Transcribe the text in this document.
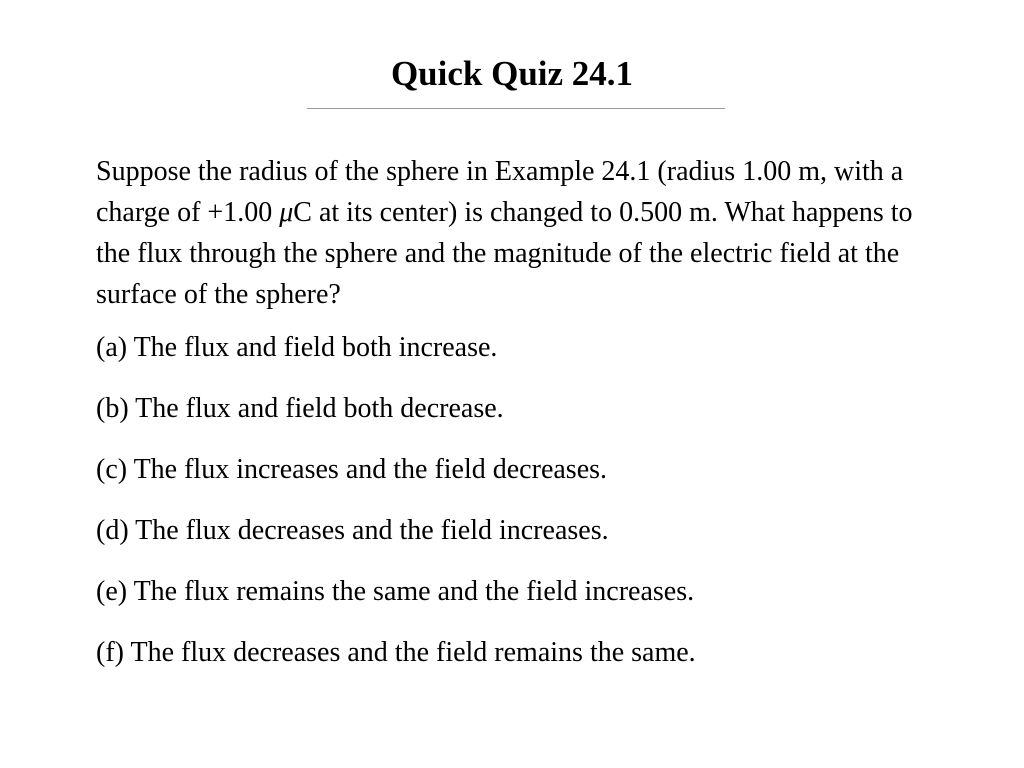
Quick Quiz 24.1

Suppose the radius of the sphere in Example 24.1 (radius 1.00 m, with a charge of +1.00 μC at its center) is changed to 0.500 m. What happens to the flux through the sphere and the magnitude of the electric field at the surface of the sphere?

(a) The flux and field both increase.
(b) The flux and field both decrease.
(c) The flux increases and the field decreases.
(d) The flux decreases and the field increases.
(e) The flux remains the same and the field increases.
(f) The flux decreases and the field remains the same.
